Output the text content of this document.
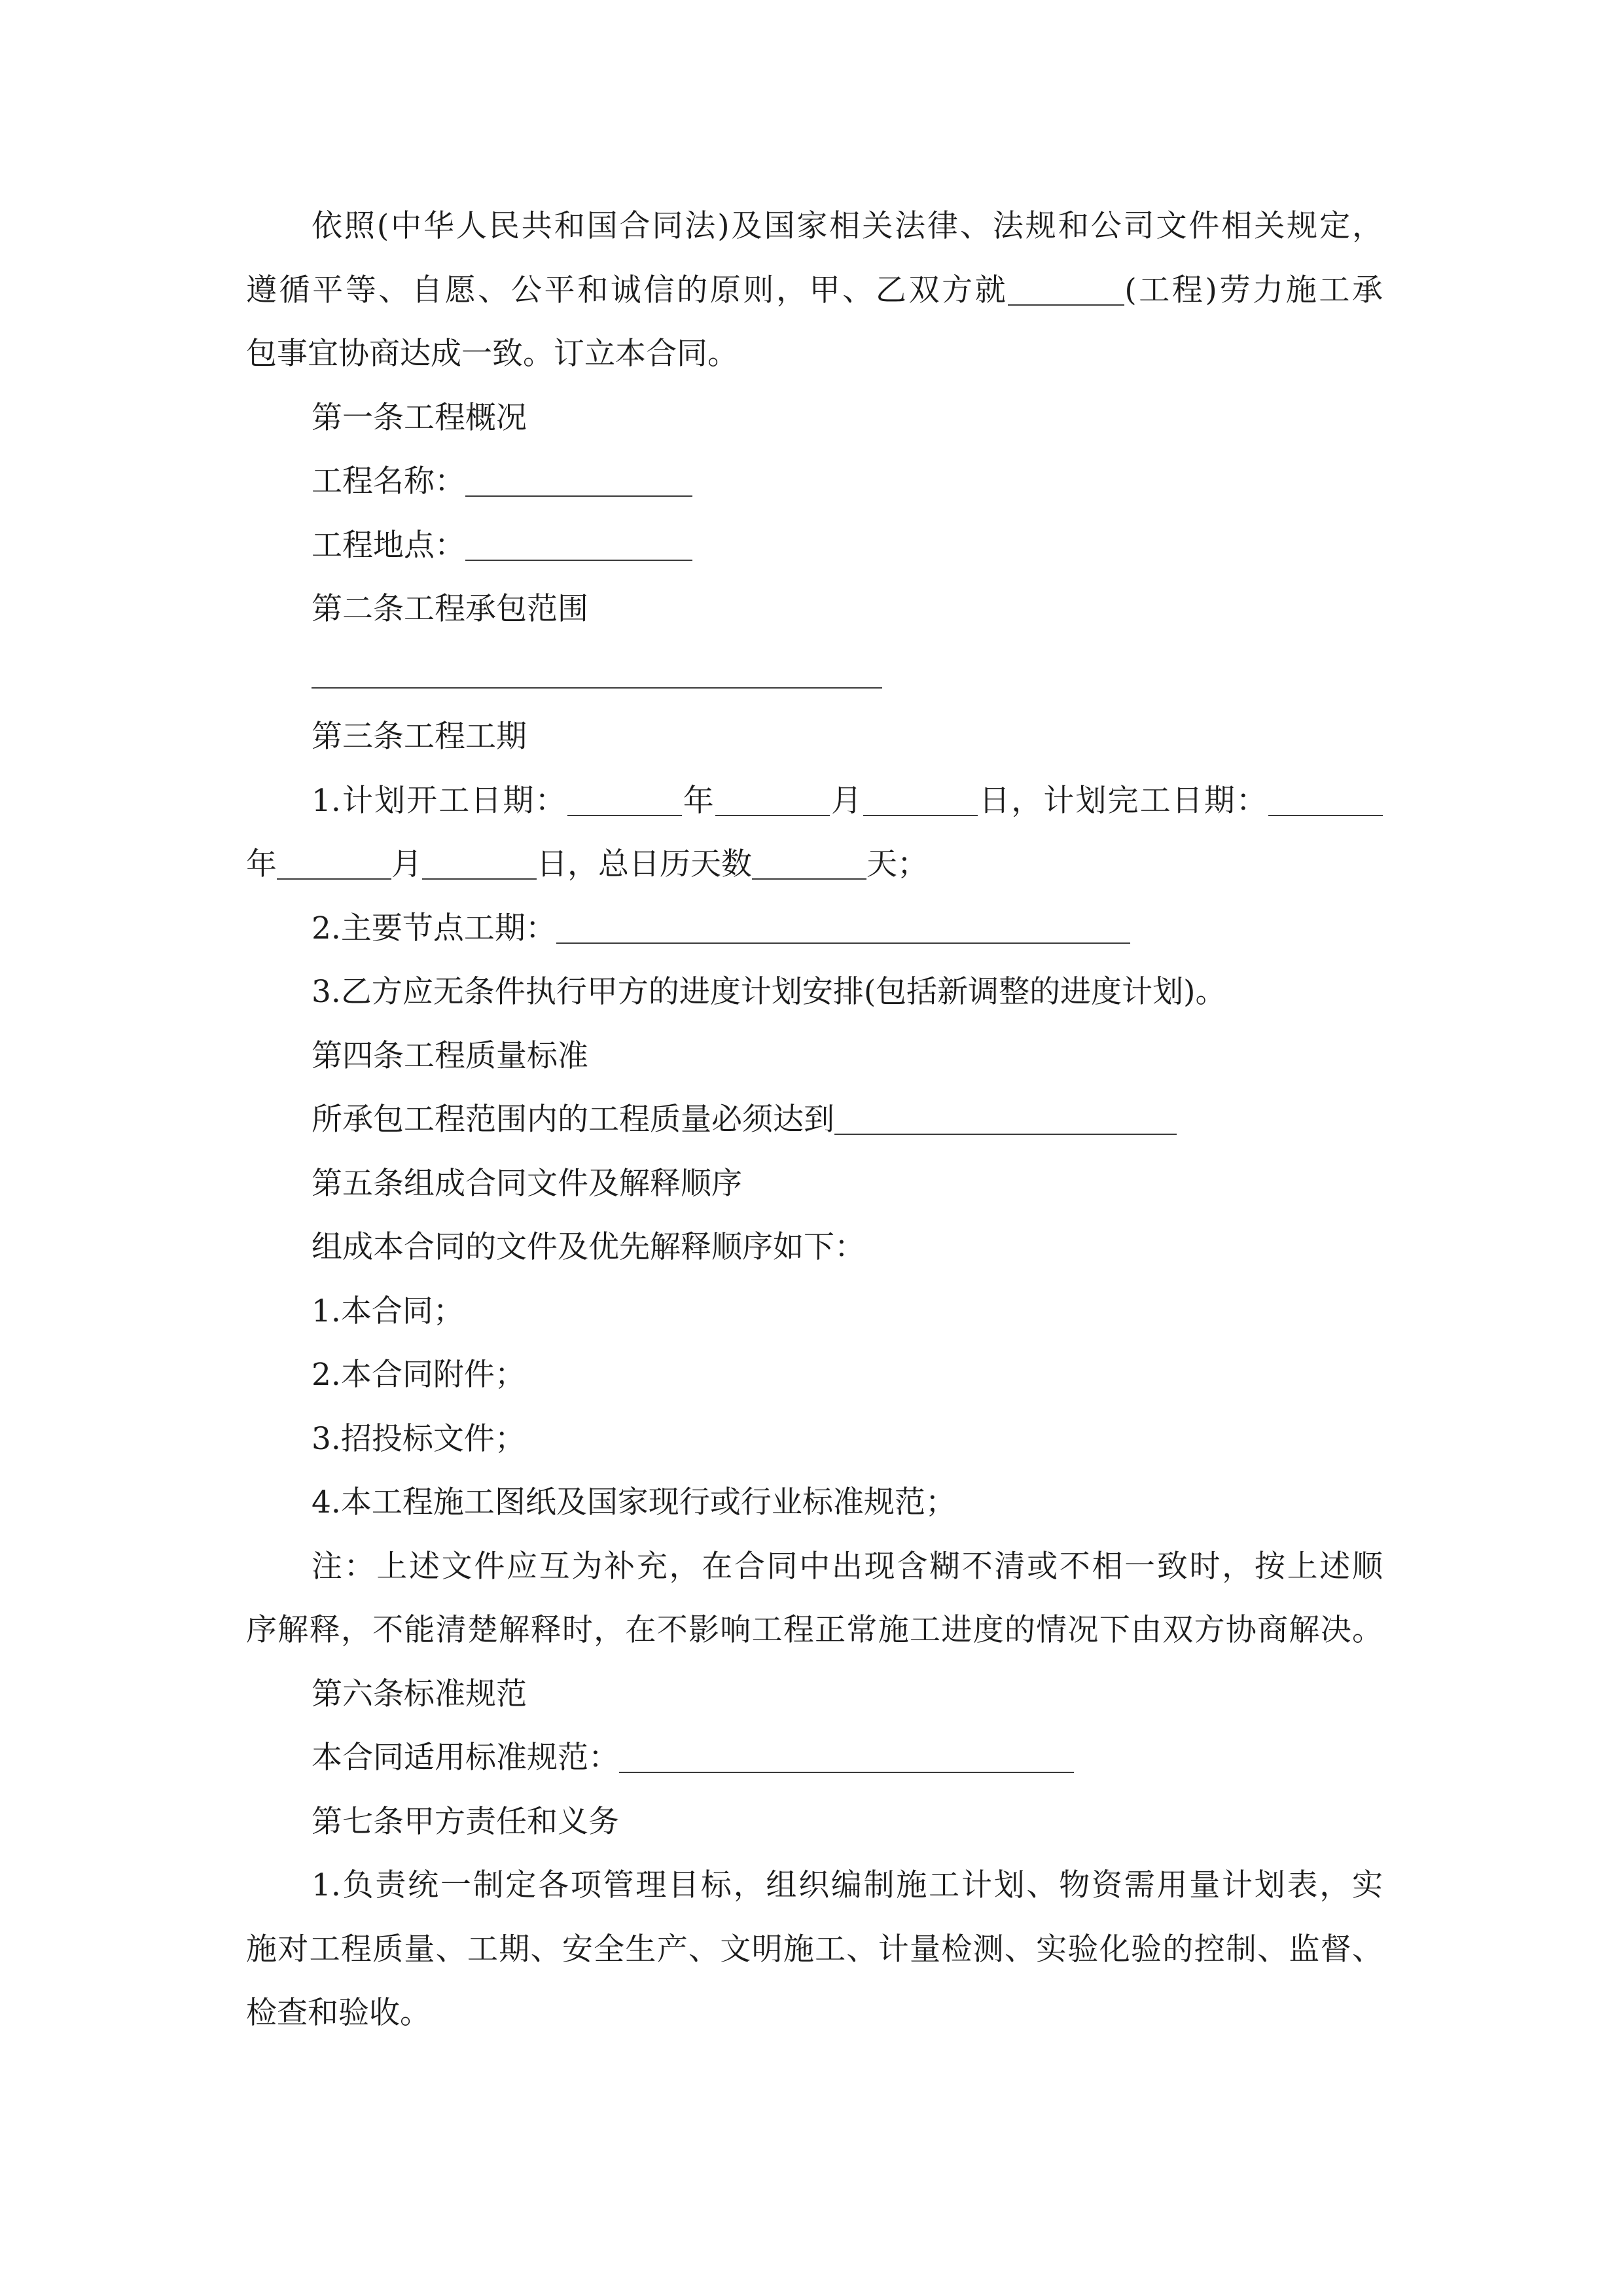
依照(中华人民共和国合同法)及国家相关法律、法规和公司文件相关规定，
遵循平等、自愿、公平和诚信的原则，甲、乙双方就	(工程)劳力施工承
包事宜协商达成一致。订立本合同。
第一条工程概况
工程名称：
工程地点：
第二条工程承包范围
第三条工程工期
1.计划开工日期：	年	月	日，计划完工日期：
年	月	日，总日历天数	天；
2.主要节点工期：
3.乙方应无条件执行甲方的进度计划安排(包括新调整的进度计划)。
第四条工程质量标准
所承包工程范围内的工程质量必须达到
第五条组成合同文件及解释顺序
组成本合同的文件及优先解释顺序如下：
1.本合同；
2.本合同附件；
3.招投标文件；
4.本工程施工图纸及国家现行或行业标准规范；
注：上述文件应互为补充，在合同中出现含糊不清或不相一致时，按上述顺
序解释，不能清楚解释时，在不影响工程正常施工进度的情况下由双方协商解决。
第六条标准规范
本合同适用标准规范：
第七条甲方责任和义务
1.负责统一制定各项管理目标，组织编制施工计划、物资需用量计划表，实
施对工程质量、工期、安全生产、文明施工、计量检测、实验化验的控制、监督、
检查和验收。
